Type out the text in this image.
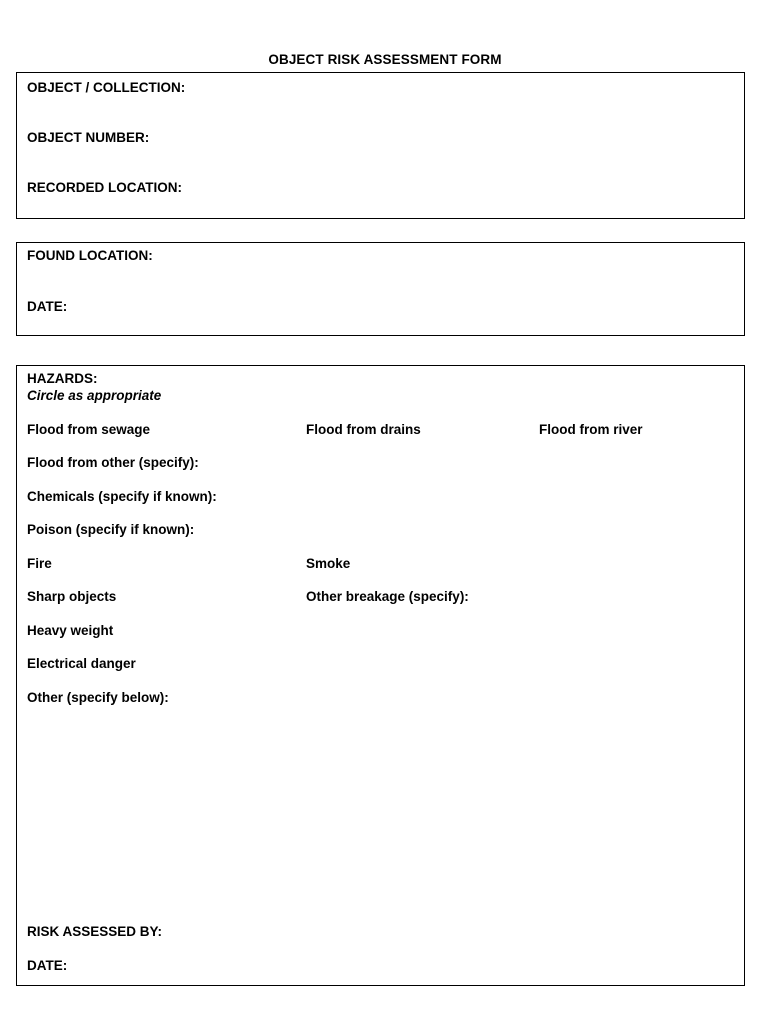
OBJECT RISK ASSESSMENT FORM
OBJECT / COLLECTION:
OBJECT NUMBER:
RECORDED LOCATION:
FOUND LOCATION:
DATE:
HAZARDS:
Circle as appropriate
Flood from sewage	Flood from drains	Flood from river
Flood from other (specify):
Chemicals (specify if known):
Poison (specify if known):
Fire	Smoke
Sharp objects	Other breakage (specify):
Heavy weight
Electrical danger
Other (specify below):
RISK ASSESSED BY:
DATE:
